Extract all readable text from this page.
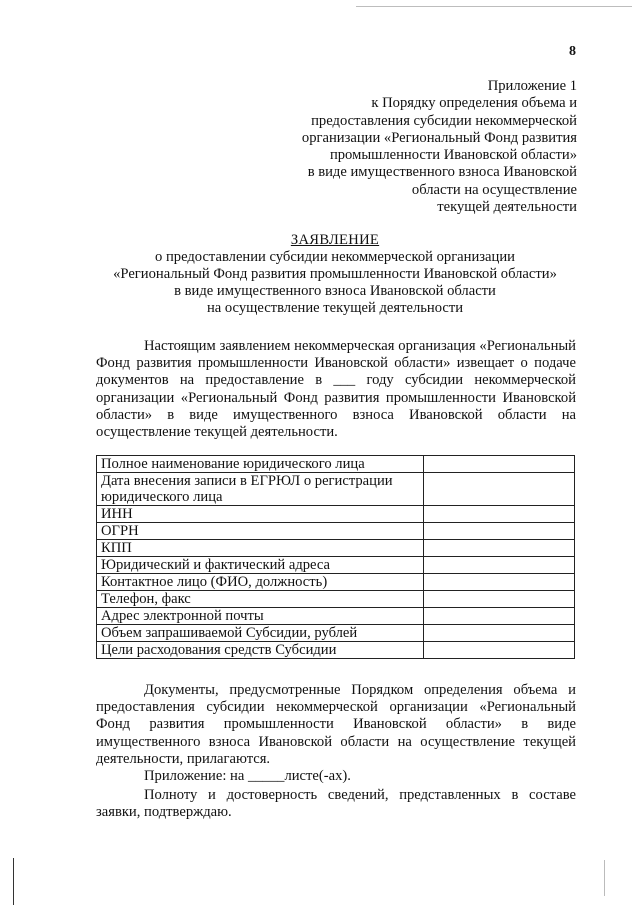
8
Приложение 1
к Порядку определения объема и
предоставления субсидии некоммерческой
организации «Региональный Фонд развития
промышленности Ивановской области»
в виде имущественного взноса Ивановской
области на осуществление
текущей деятельности
ЗАЯВЛЕНИЕ
о предоставлении субсидии некоммерческой организации
«Региональный Фонд развития промышленности Ивановской области»
в виде имущественного взноса Ивановской области
на осуществление текущей деятельности

Настоящим заявлением некоммерческая организация «Региональный Фонд развития промышленности Ивановской области» извещает о подаче документов на предоставление в ___ году субсидии некоммерческой организации «Региональный Фонд развития промышленности Ивановской области» в виде имущественного взноса Ивановской области на осуществление текущей деятельности.

Полное наименование юридического лица	
Дата внесения записи в ЕГРЮЛ о регистрации юридического лица	
ИНН	
ОГРН	
КПП	
Юридический и фактический адреса	
Контактное лицо (ФИО, должность)	
Телефон, факс	
Адрес электронной почты	
Объем запрашиваемой Субсидии, рублей	
Цели расходования средств Субсидии	

Документы, предусмотренные Порядком определения объема и предоставления субсидии некоммерческой организации «Региональный Фонд развития промышленности Ивановской области» в виде имущественного взноса Ивановской области на осуществление текущей деятельности, прилагаются.

Приложение: на _____листе(-ах).

Полноту и достоверность сведений, представленных в составе заявки, подтверждаю.
